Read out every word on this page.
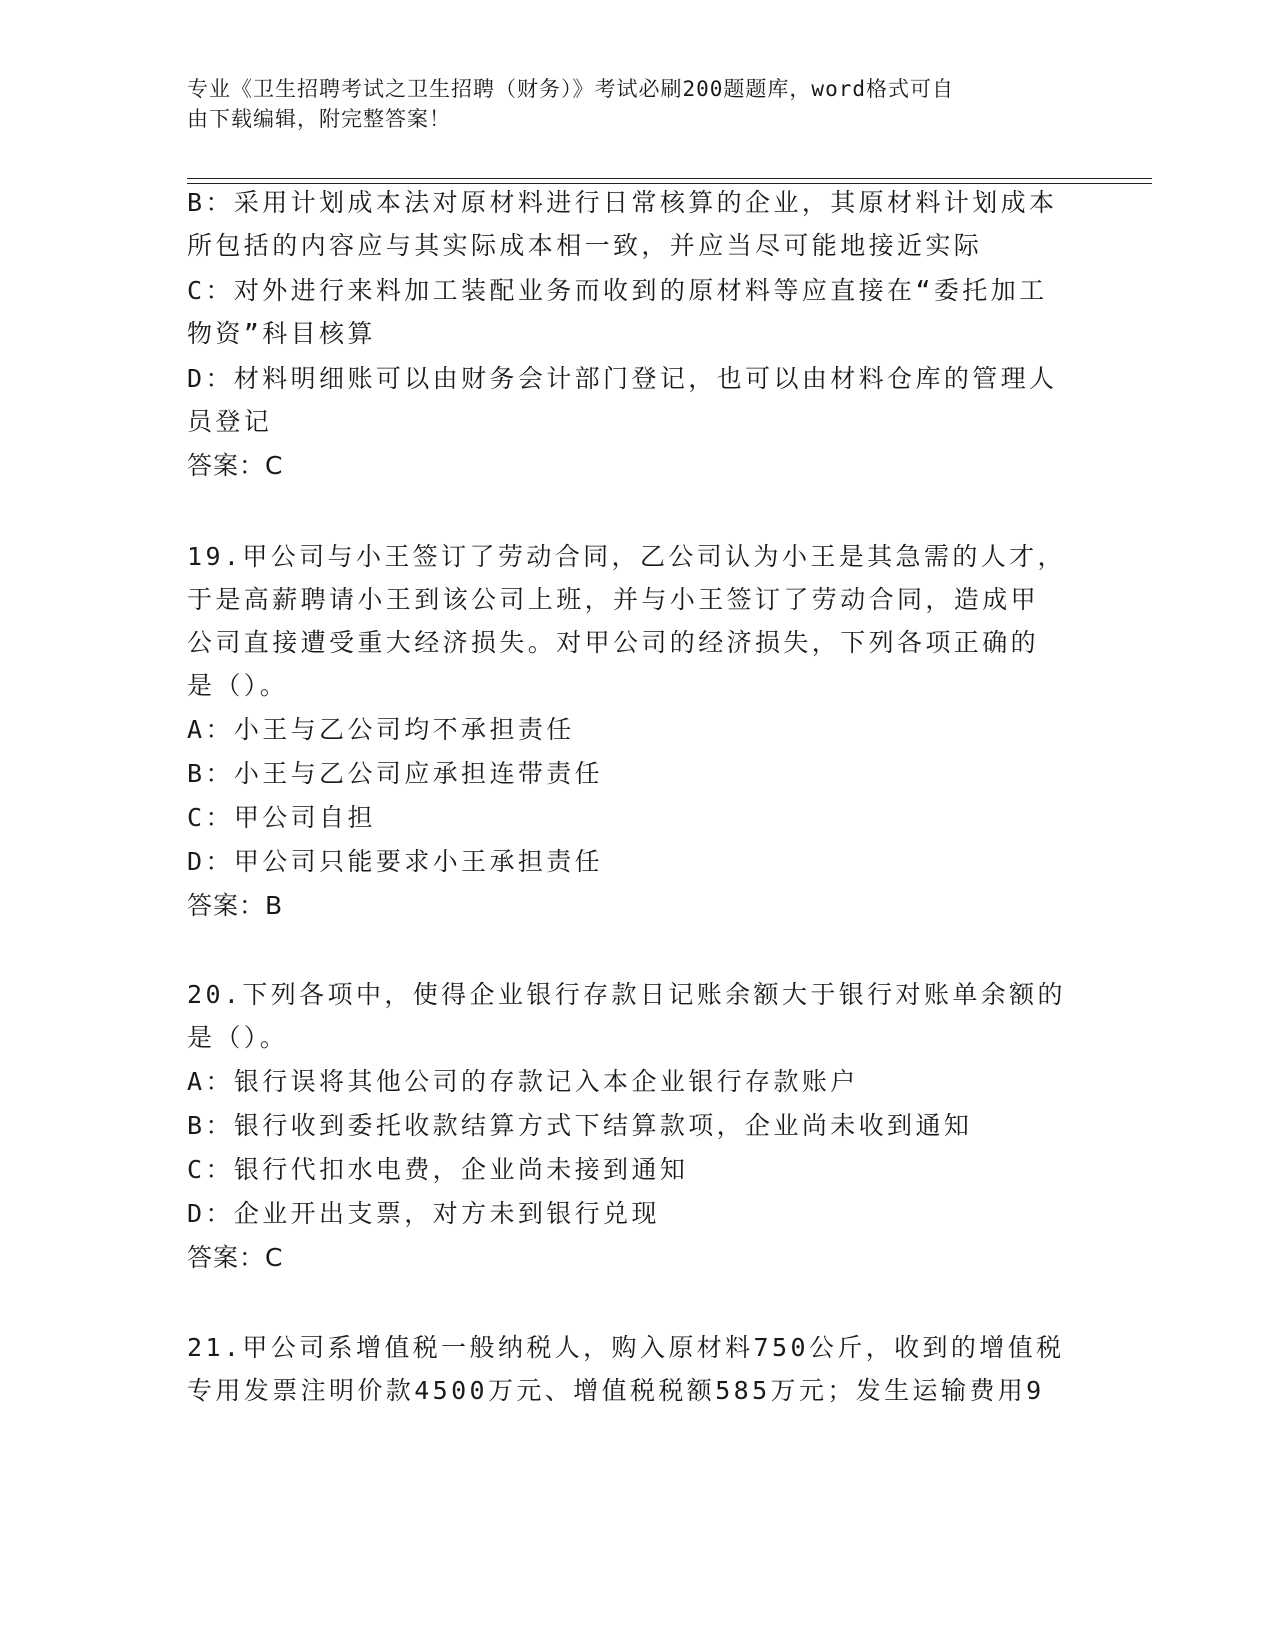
专业《卫生招聘考试之卫生招聘（财务）》考试必刷200题题库，word格式可自
由下载编辑，附完整答案！
B：采用计划成本法对原材料进行日常核算的企业，其原材料计划成本
所包括的内容应与其实际成本相一致，并应当尽可能地接近实际
C：对外进行来料加工装配业务而收到的原材料等应直接在“委托加工
物资”科目核算
D：材料明细账可以由财务会计部门登记，也可以由材料仓库的管理人
员登记
答案：C
19.甲公司与小王签订了劳动合同，乙公司认为小王是其急需的人才，
于是高薪聘请小王到该公司上班，并与小王签订了劳动合同，造成甲
公司直接遭受重大经济损失。对甲公司的经济损失，下列各项正确的
是（）。
A：小王与乙公司均不承担责任
B：小王与乙公司应承担连带责任
C：甲公司自担
D：甲公司只能要求小王承担责任
答案：B
20.下列各项中，使得企业银行存款日记账余额大于银行对账单余额的
是（）。
A：银行误将其他公司的存款记入本企业银行存款账户
B：银行收到委托收款结算方式下结算款项，企业尚未收到通知
C：银行代扣水电费，企业尚未接到通知
D：企业开出支票，对方未到银行兑现
答案：C
21.甲公司系增值税一般纳税人，购入原材料750公斤，收到的增值税
专用发票注明价款4500万元、增值税税额585万元；发生运输费用9
